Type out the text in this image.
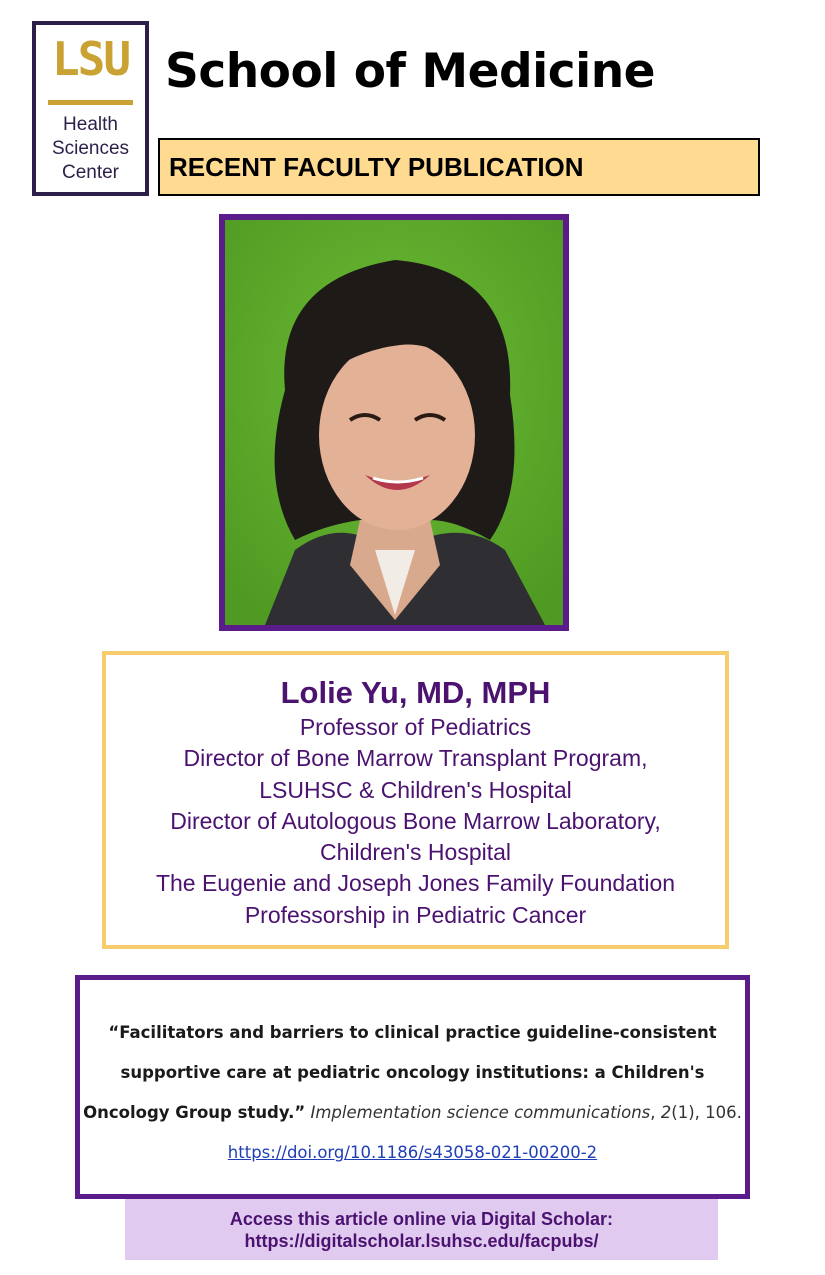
LSU
Health
Sciences
Center
School of Medicine
RECENT FACULTY PUBLICATION
Lolie Yu, MD, MPH
Professor of Pediatrics
Director of Bone Marrow Transplant Program,
LSUHSC & Children's Hospital
Director of Autologous Bone Marrow Laboratory,
Children's Hospital
The Eugenie and Joseph Jones Family Foundation
Professorship in Pediatric Cancer
“Facilitators and barriers to clinical practice guideline-consistent
supportive care at pediatric oncology institutions: a Children's
Oncology Group study.” Implementation science communications, 2(1), 106.
https://doi.org/10.1186/s43058-021-00200-2
Access this article online via Digital Scholar:
https://digitalscholar.lsuhsc.edu/facpubs/
